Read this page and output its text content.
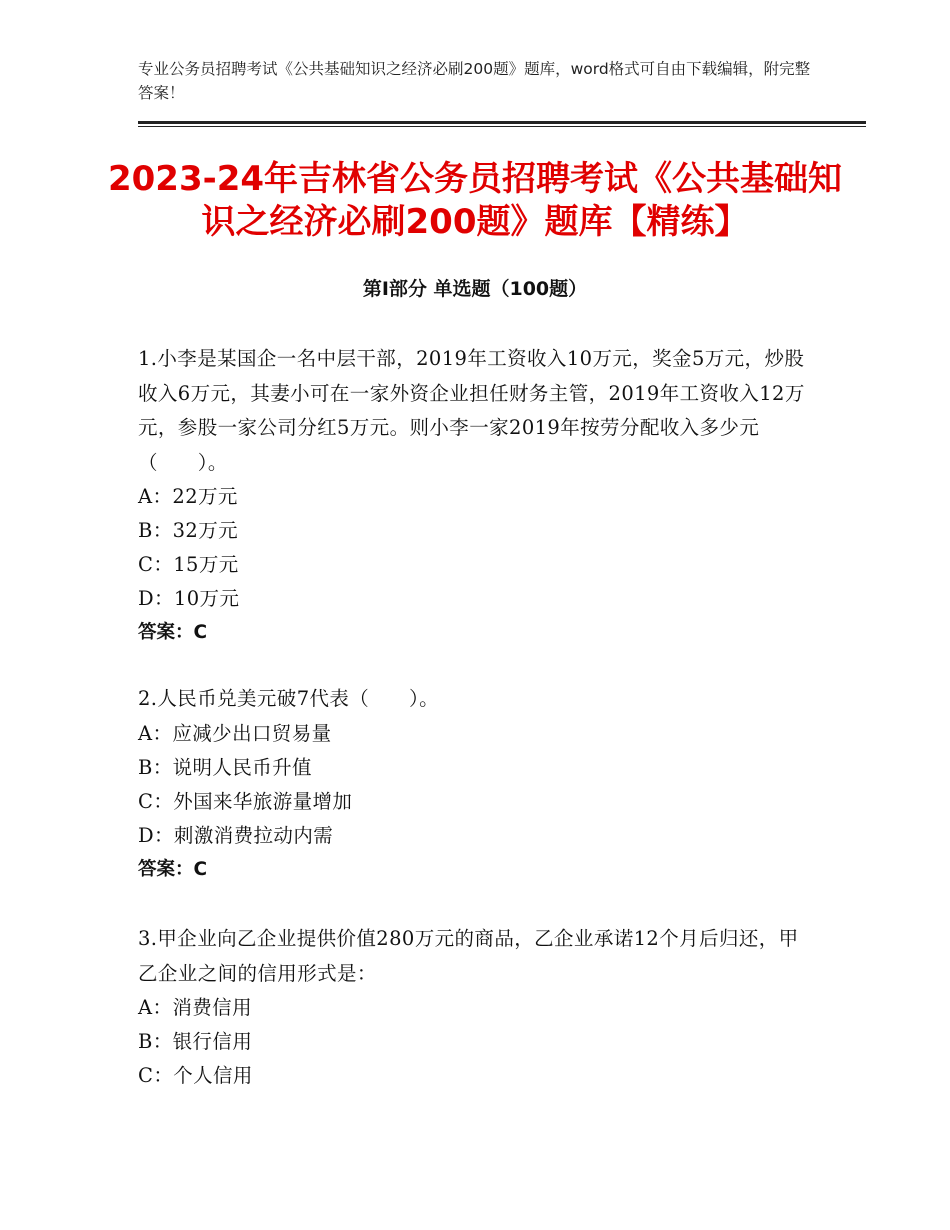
专业公务员招聘考试《公共基础知识之经济必刷200题》题库，word格式可自由下载编辑，附完整答案！
2023-24年吉林省公务员招聘考试《公共基础知识之经济必刷200题》题库【精练】
第I部分 单选题（100题）
1.小李是某国企一名中层干部，2019年工资收入10万元，奖金5万元，炒股收入6万元，其妻小可在一家外资企业担任财务主管，2019年工资收入12万元，参股一家公司分红5万元。则小李一家2019年按劳分配收入多少元（　　）。
A：22万元
B：32万元
C：15万元
D：10万元
答案：C
2.人民币兑美元破7代表（　　）。
A：应减少出口贸易量
B：说明人民币升值
C：外国来华旅游量增加
D：刺激消费拉动内需
答案：C
3.甲企业向乙企业提供价值280万元的商品，乙企业承诺12个月后归还，甲乙企业之间的信用形式是：
A：消费信用
B：银行信用
C：个人信用
